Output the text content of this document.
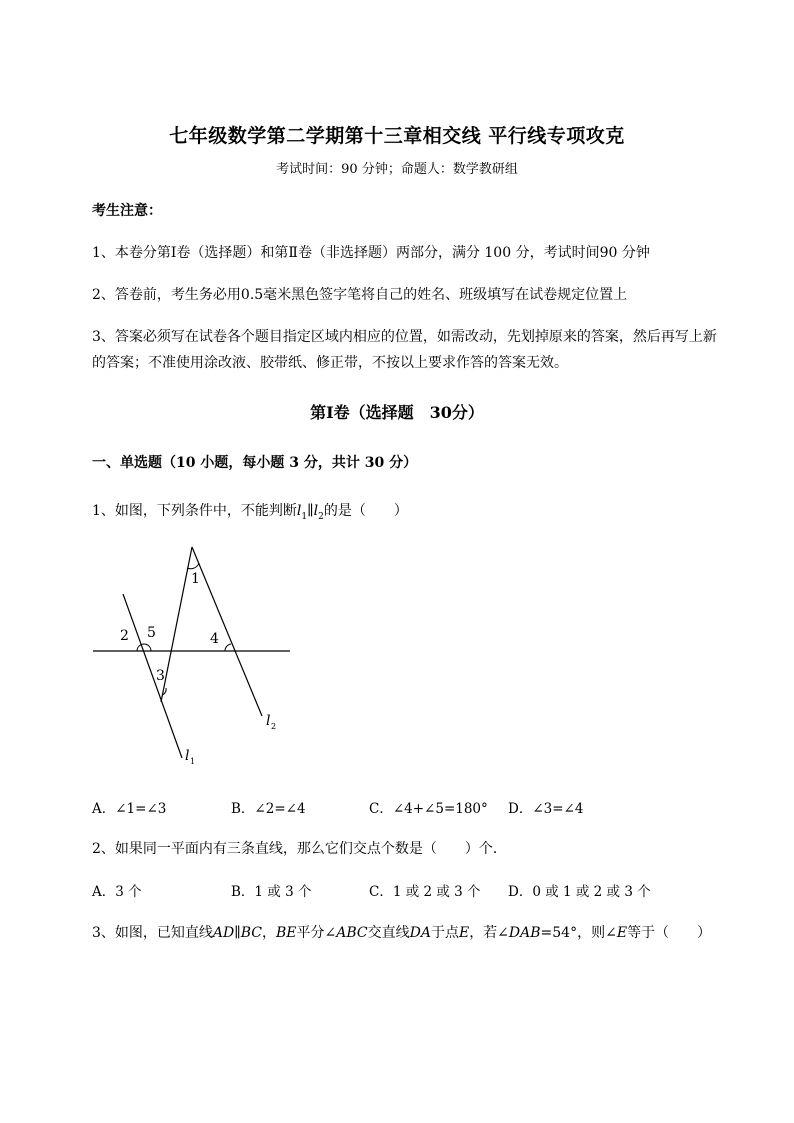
七年级数学第二学期第十三章相交线 平行线专项攻克
考试时间：90 分钟；命题人：数学教研组
考生注意：
1、本卷分第Ⅰ卷（选择题）和第Ⅱ卷（非选择题）两部分，满分 100 分，考试时间90 分钟
2、答卷前，考生务必用0.5毫米黑色签字笔将自己的姓名、班级填写在试卷规定位置上
3、答案必须写在试卷各个题目指定区域内相应的位置，如需改动，先划掉原来的答案，然后再写上新
的答案；不准使用涂改液、胶带纸、修正带，不按以上要求作答的答案无效。
第Ⅰ卷（选择题　30分）
一、单选题（10 小题，每小题 3 分，共计 30 分）
1、如图，下列条件中，不能判断$l_1\parallel l_2$的是（　　）
1
2
3
4
5
l 1
l 2
A．∠1=∠3	B．∠2=∠4	C．∠4+∠5=180° D．∠3=∠4
2、如果同一平面内有三条直线，那么它们交点个数是（　　）个．
A．3 个	B．1 或 3 个	C．1 或 2 或 3 个 D．0 或 1 或 2 或 3 个
3、如图，已知直线AD∥BC，BE平分∠ABC交直线DA于点E，若∠DAB=54°，则∠E等于（　　）
